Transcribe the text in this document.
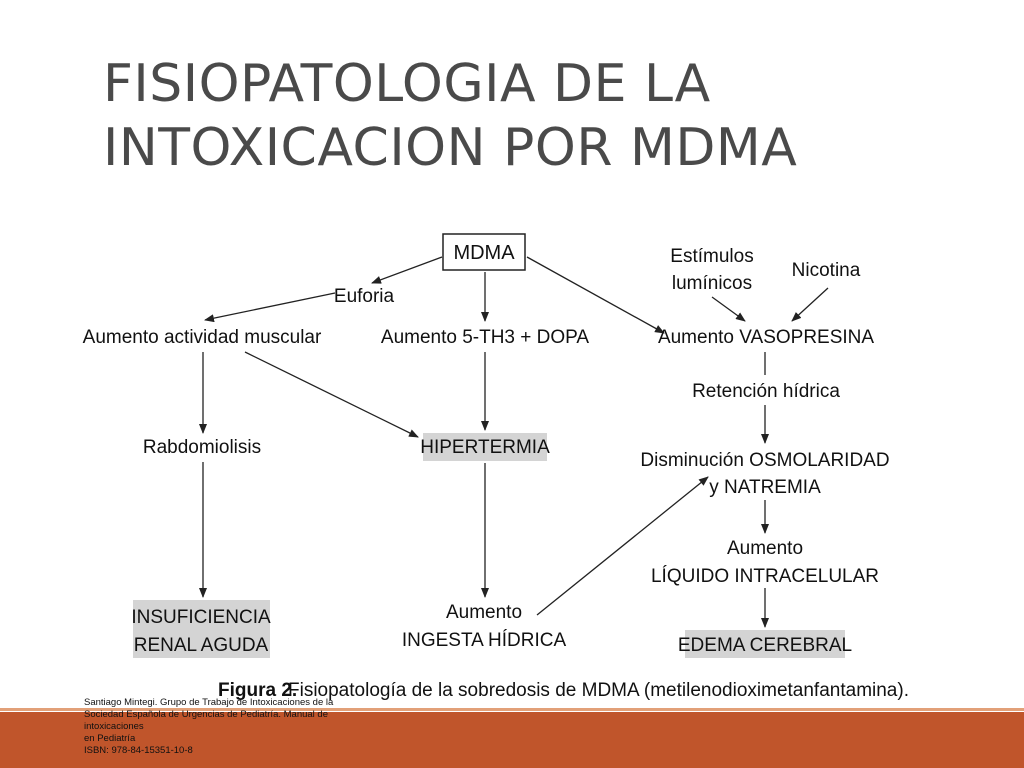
FISIOPATOLOGIA DE LA
INTOXICACION POR MDMA
MDMA
Euforia
Aumento actividad muscular	Aumento 5-TH3 + DOPA
Estímulos
lumínicos
Nicotina
Aumento VASOPRESINA
Retención hídrica
Rabdomiolisis	HIPERTERMIA
Disminución OSMOLARIDAD
y NATREMIA
Aumento
LÍQUIDO INTRACELULAR
INSUFICIENCIA
RENAL AGUDA
Aumento
INGESTA HÍDRICA	EDEMA CEREBRAL
Figura 2.
Fisiopatología de la sobredosis de MDMA (metilenodioximetanfantamina).
Santiago Mintegi. Grupo de Trabajo de Intoxicaciones de la
Sociedad Española de Urgencias de Pediatría. Manual de
intoxicaciones
en Pediatría
ISBN: 978-84-15351-10-8
